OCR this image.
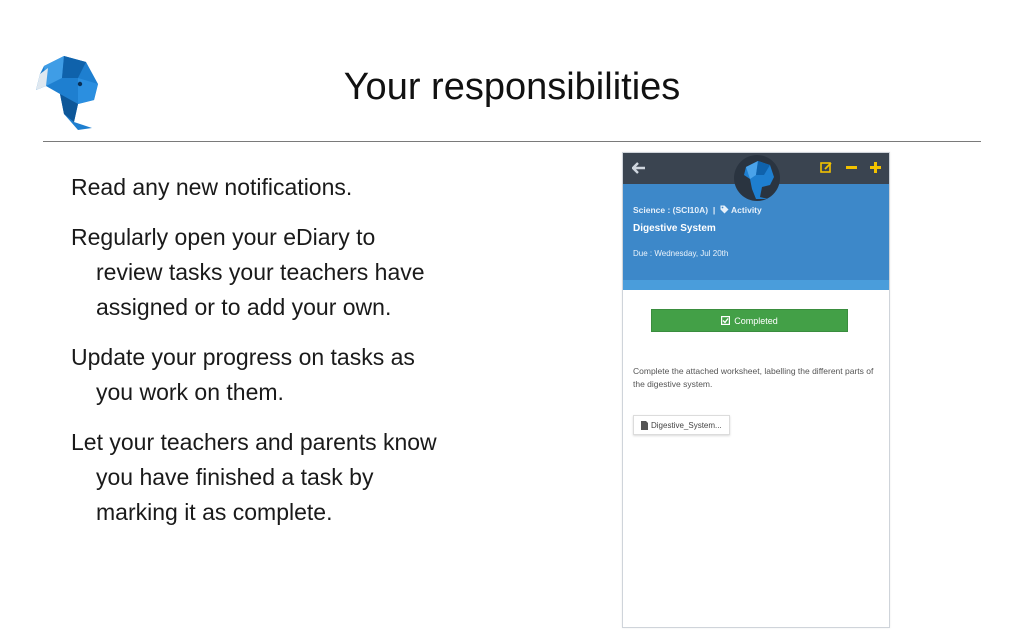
Your responsibilities
Read any new notifications.
Regularly open your eDiary to
review tasks your teachers have
assigned or to add your own.
Update your progress on tasks as
you work on them.
Let your teachers and parents know
you have finished a task by
marking it as complete.
Science : (SCI10A) | Activity
Digestive System
Due : Wednesday, Jul 20th
Completed
Complete the attached worksheet, labelling the different parts of the digestive system.
Digestive_System...
